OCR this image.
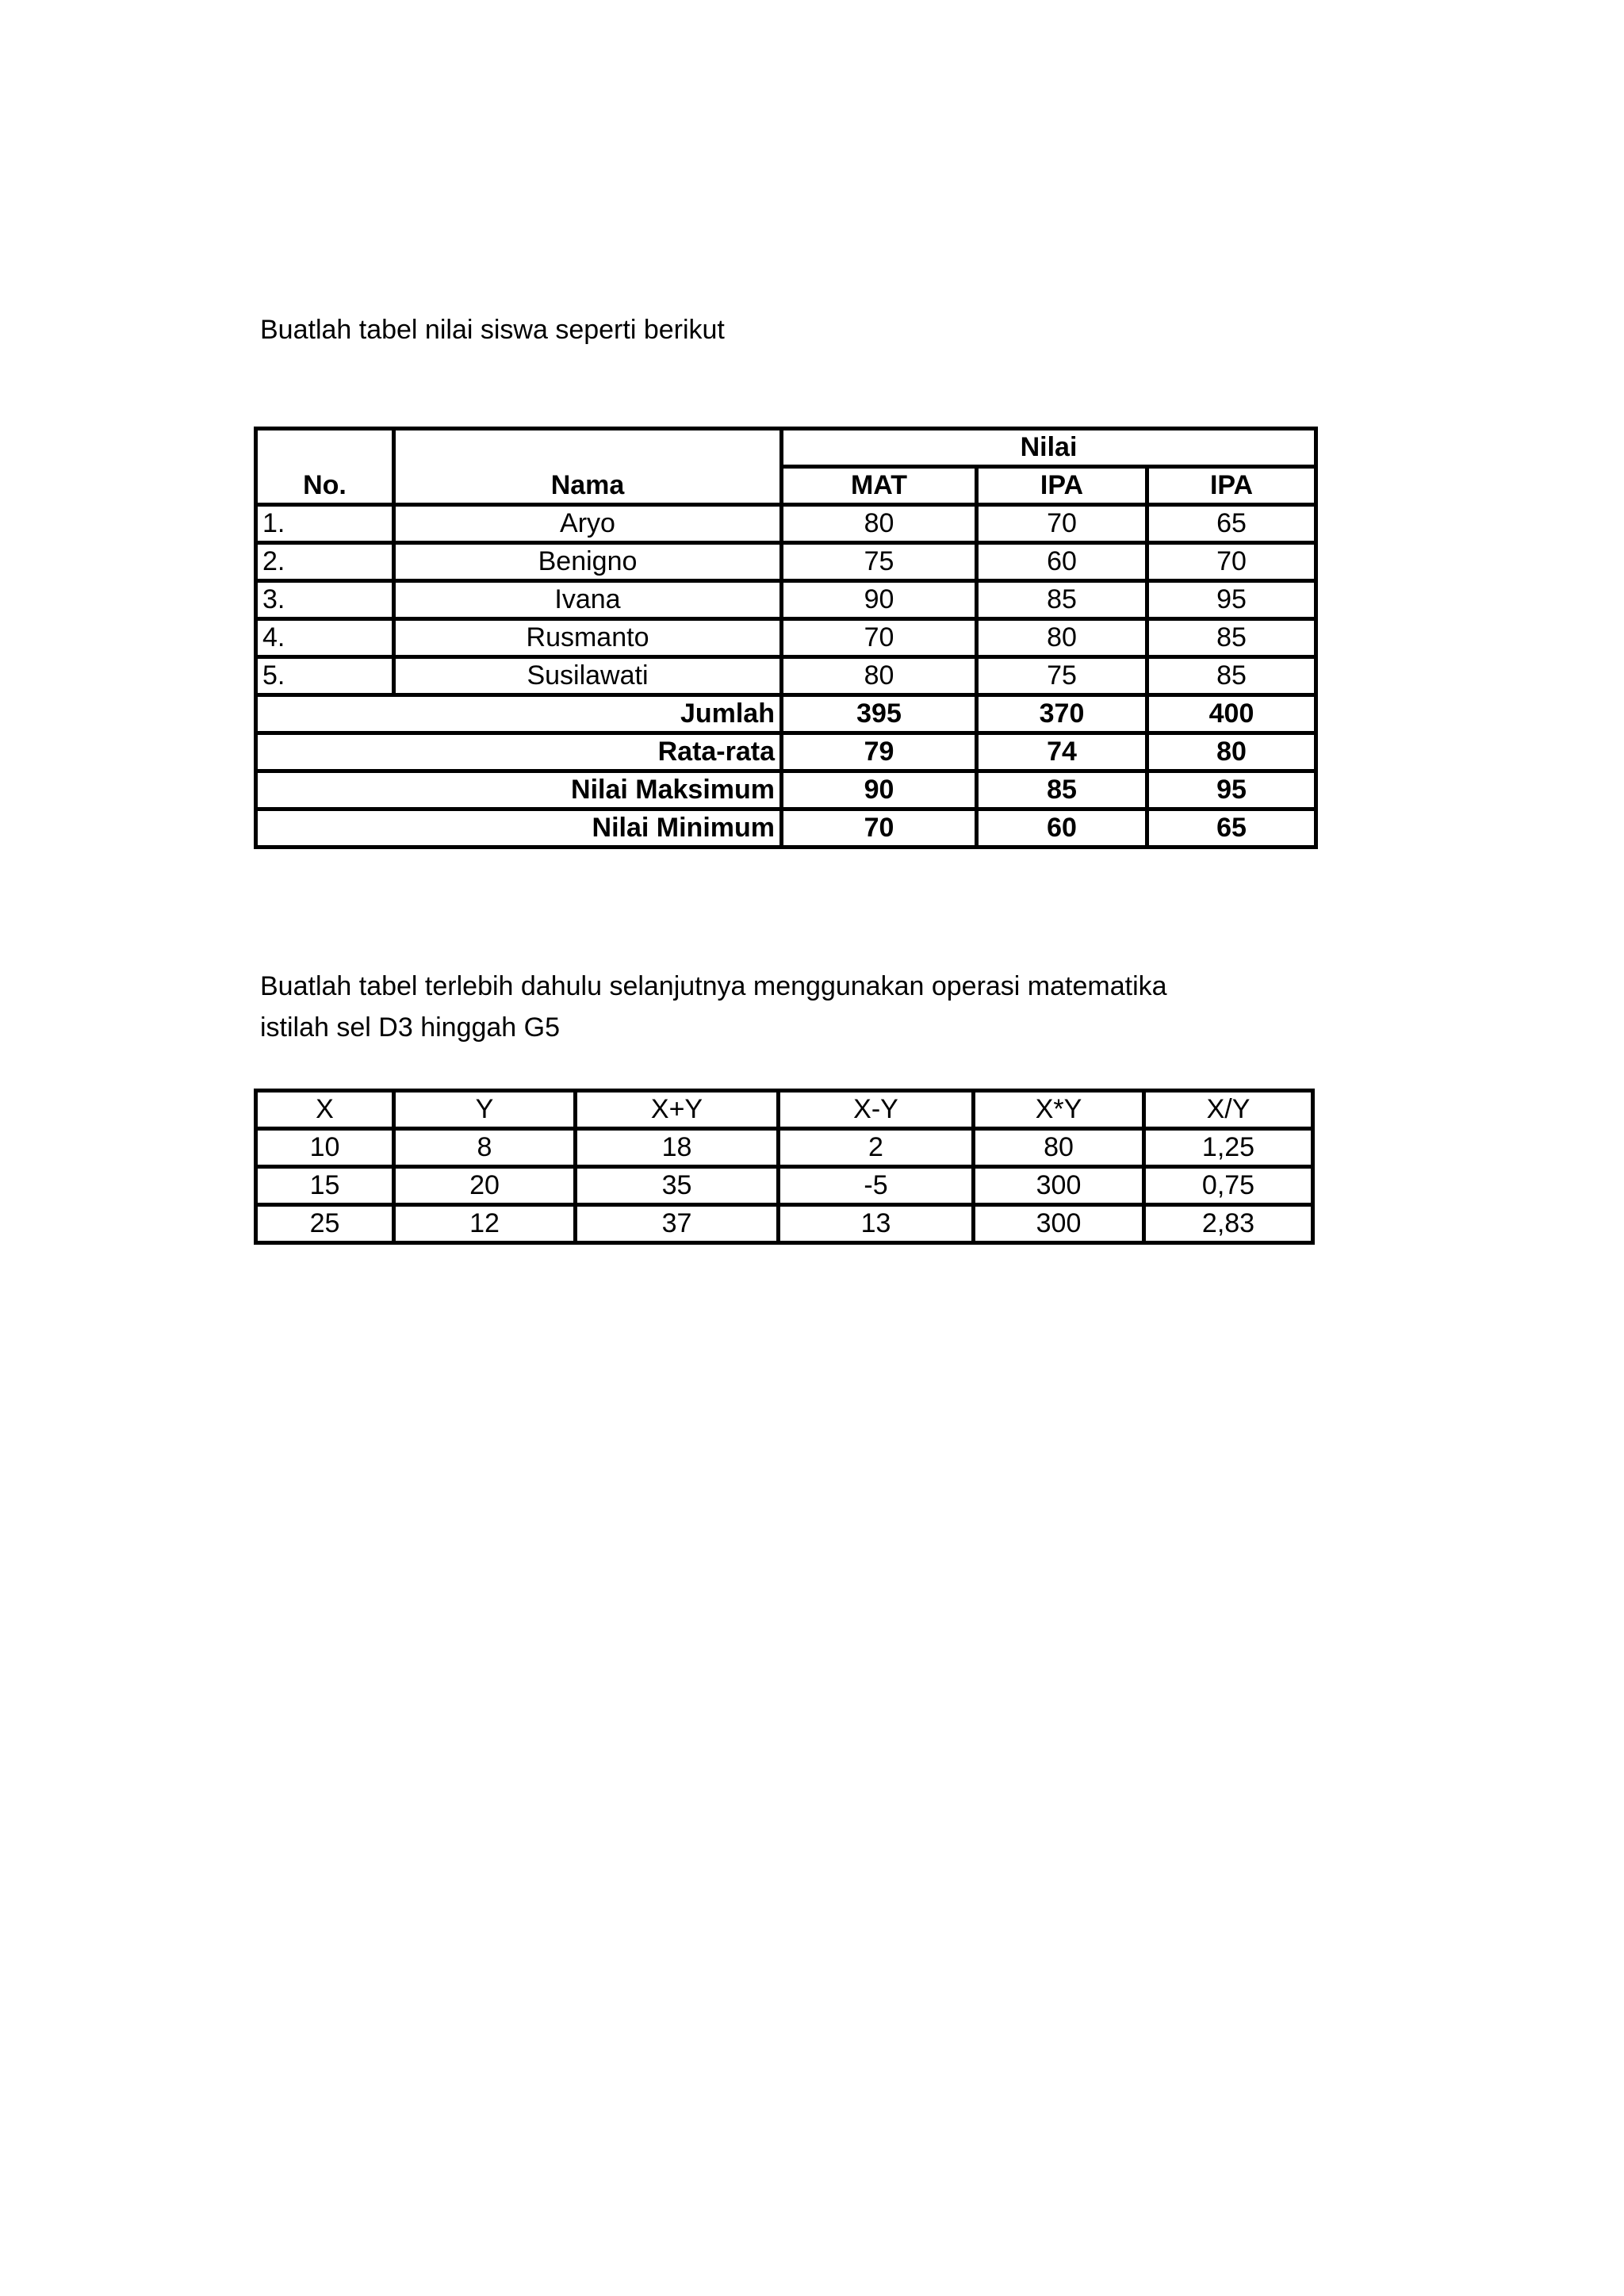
Buatlah tabel nilai siswa seperti berikut
No.	Nama	Nilai		
		MAT	IPA	IPA
1.	Aryo	80	70	65
2.	Benigno	75	60	70
3.	Ivana	90	85	95
4.	Rusmanto	70	80	85
5.	Susilawati	80	75	85
Jumlah		395	370	400
Rata-rata		79	74	80
Nilai Maksimum		90	85	95
Nilai Minimum		70	60	65
Buatlah tabel terlebih dahulu selanjutnya menggunakan operasi matematika
istilah sel D3 hinggah G5
X	Y	X+Y	X-Y	X*Y	X/Y
10	8	18	2	80	1,25
15	20	35	-5	300	0,75
25	12	37	13	300	2,83
